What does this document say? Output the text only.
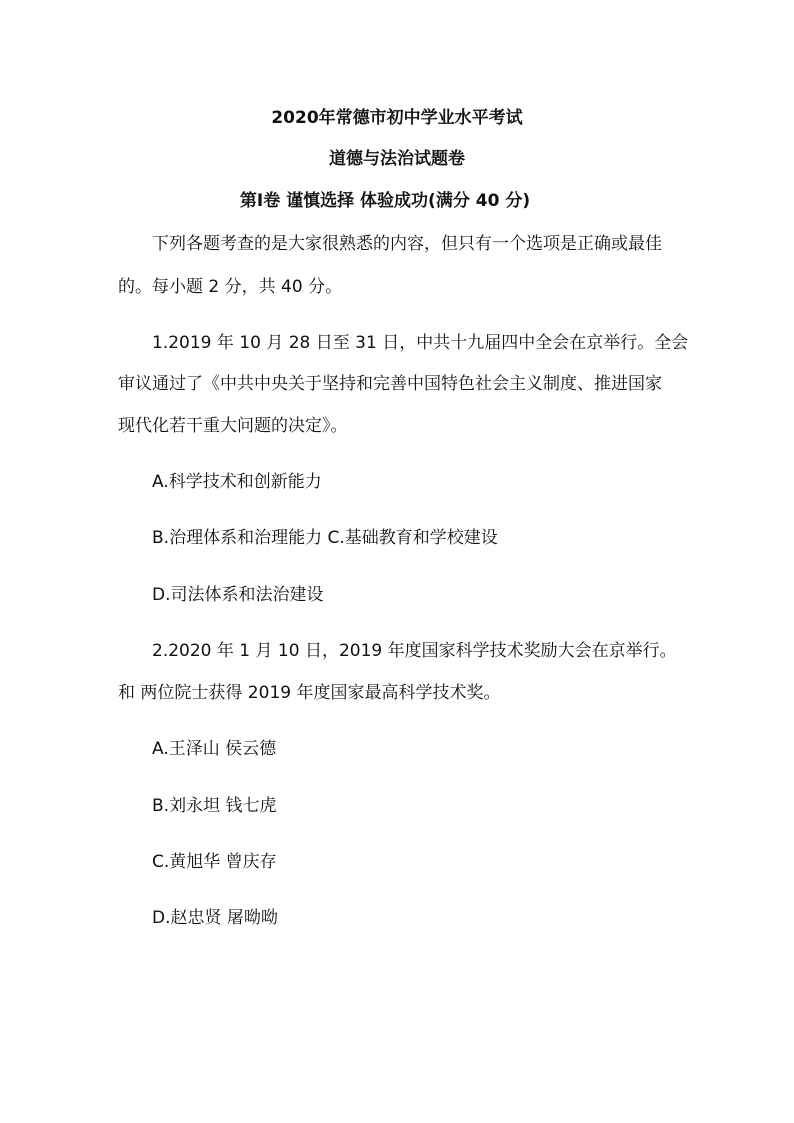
2020年常德市初中学业水平考试
道德与法治试题卷
第Ⅰ卷 谨慎选择 体验成功(满分 40 分)
下列各题考查的是大家很熟悉的内容，但只有一个选项是正确或最佳
的。每小题 2 分，共 40 分。
1.2019 年 10 月 28 日至 31 日，中共十九届四中全会在京举行。全会
审议通过了《中共中央关于坚持和完善中国特色社会主义制度、推进国家
现代化若干重大问题的决定》。
A.科学技术和创新能力
B.治理体系和治理能力 C.基础教育和学校建设
D.司法体系和法治建设
2.2020 年 1 月 10 日，2019 年度国家科学技术奖励大会在京举行。
和 两位院士获得 2019 年度国家最高科学技术奖。
A.王泽山 侯云德
B.刘永坦 钱七虎
C.黄旭华 曾庆存
D.赵忠贤 屠呦呦
